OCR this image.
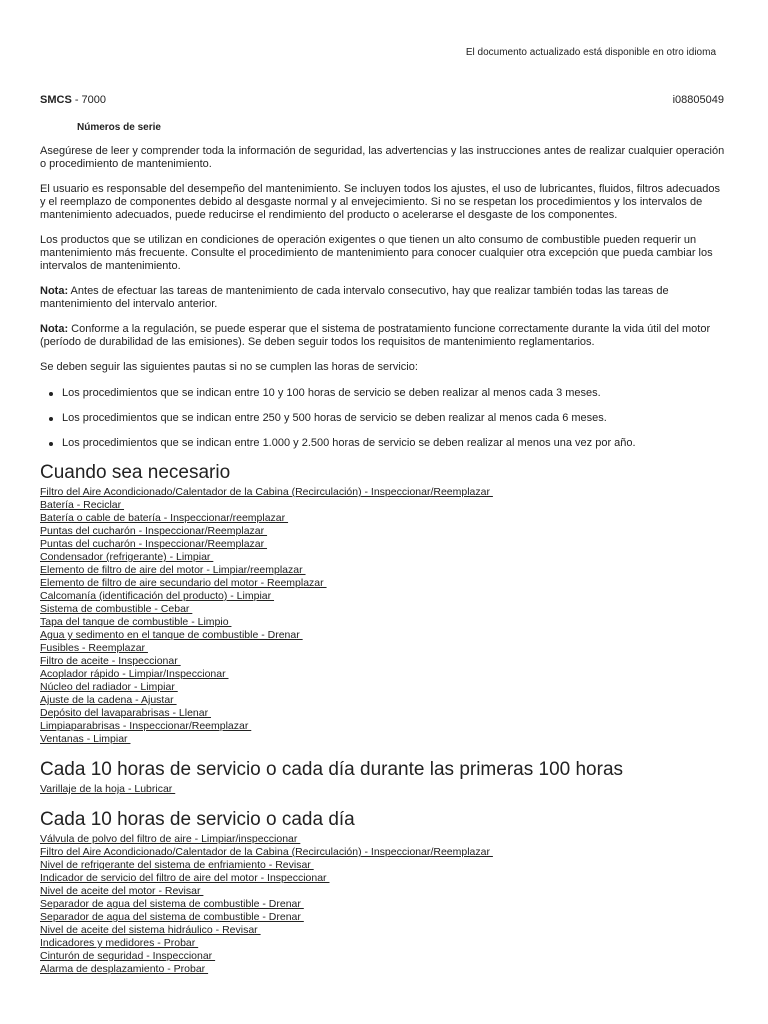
El documento actualizado está disponible en otro idioma
SMCS - 7000	i08805049
Números de serie

Asegúrese de leer y comprender toda la información de seguridad, las advertencias y las instrucciones antes de realizar cualquier operación o procedimiento de mantenimiento.

El usuario es responsable del desempeño del mantenimiento. Se incluyen todos los ajustes, el uso de lubricantes, fluidos, filtros adecuados y el reemplazo de componentes debido al desgaste normal y al envejecimiento. Si no se respetan los procedimientos y los intervalos de mantenimiento adecuados, puede reducirse el rendimiento del producto o acelerarse el desgaste de los componentes.

Los productos que se utilizan en condiciones de operación exigentes o que tienen un alto consumo de combustible pueden requerir un mantenimiento más frecuente. Consulte el procedimiento de mantenimiento para conocer cualquier otra excepción que pueda cambiar los intervalos de mantenimiento.

Nota: Antes de efectuar las tareas de mantenimiento de cada intervalo consecutivo, hay que realizar también todas las tareas de mantenimiento del intervalo anterior.

Nota: Conforme a la regulación, se puede esperar que el sistema de postratamiento funcione correctamente durante la vida útil del motor (período de durabilidad de las emisiones). Se deben seguir todos los requisitos de mantenimiento reglamentarios.

Se deben seguir las siguientes pautas si no se cumplen las horas de servicio:

Los procedimientos que se indican entre 10 y 100 horas de servicio se deben realizar al menos cada 3 meses.
Los procedimientos que se indican entre 250 y 500 horas de servicio se deben realizar al menos cada 6 meses.
Los procedimientos que se indican entre 1.000 y 2.500 horas de servicio se deben realizar al menos una vez por año.
Cuando sea necesario
Filtro del Aire Acondicionado/Calentador de la Cabina (Recirculación) - Inspeccionar/Reemplazar
Batería - Reciclar
Batería o cable de batería - Inspeccionar/reemplazar
Puntas del cucharón - Inspeccionar/Reemplazar
Puntas del cucharón - Inspeccionar/Reemplazar
Condensador (refrigerante) - Limpiar
Elemento de filtro de aire del motor - Limpiar/reemplazar
Elemento de filtro de aire secundario del motor - Reemplazar
Calcomanía (identificación del producto) - Limpiar
Sistema de combustible - Cebar
Tapa del tanque de combustible - Limpio
Agua y sedimento en el tanque de combustible - Drenar
Fusibles - Reemplazar
Filtro de aceite - Inspeccionar
Acoplador rápido - Limpiar/Inspeccionar
Núcleo del radiador - Limpiar
Ajuste de la cadena - Ajustar
Depósito del lavaparabrisas - Llenar
Limpiaparabrisas - Inspeccionar/Reemplazar
Ventanas - Limpiar
Cada 10 horas de servicio o cada día durante las primeras 100 horas
Varillaje de la hoja - Lubricar
Cada 10 horas de servicio o cada día
Válvula de polvo del filtro de aire - Limpiar/inspeccionar
Filtro del Aire Acondicionado/Calentador de la Cabina (Recirculación) - Inspeccionar/Reemplazar
Nivel de refrigerante del sistema de enfriamiento - Revisar
Indicador de servicio del filtro de aire del motor - Inspeccionar
Nivel de aceite del motor - Revisar
Separador de agua del sistema de combustible - Drenar
Separador de agua del sistema de combustible - Drenar
Nivel de aceite del sistema hidráulico - Revisar
Indicadores y medidores - Probar
Cinturón de seguridad - Inspeccionar
Alarma de desplazamiento - Probar
